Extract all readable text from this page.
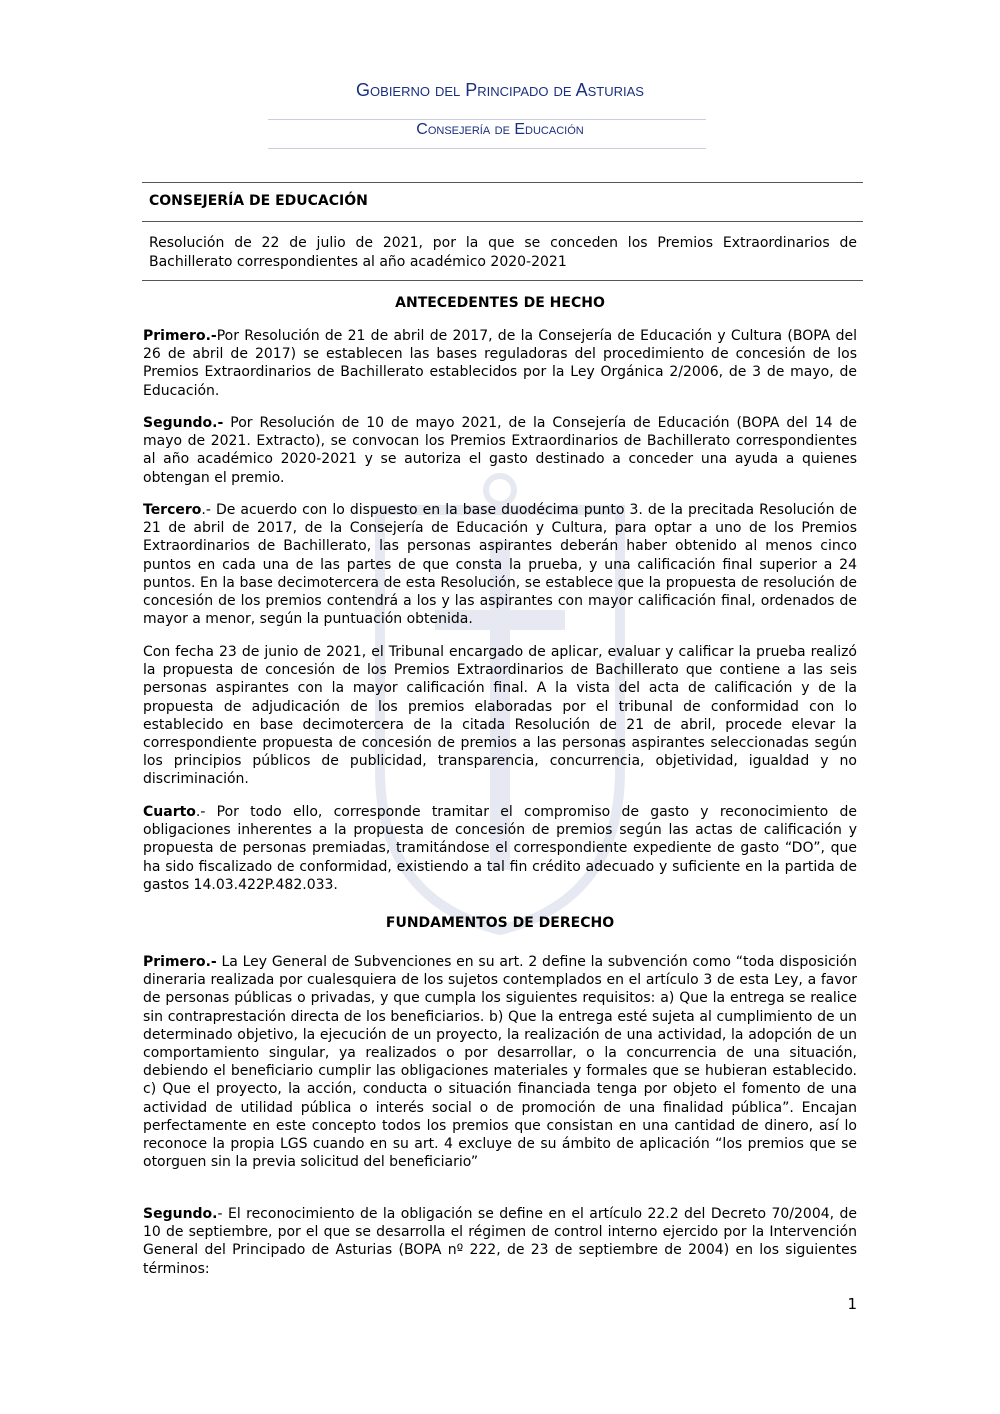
Gobierno del Principado de Asturias
Consejería de Educación
CONSEJERÍA DE EDUCACIÓN
Resolución de 22 de julio de 2021, por la que se conceden los Premios Extraordinarios de Bachillerato correspondientes al año académico 2020-2021
ANTECEDENTES DE HECHO

Primero.-Por Resolución de 21 de abril de 2017, de la Consejería de Educación y Cultura (BOPA del 26 de abril de 2017) se establecen las bases reguladoras del procedimiento de concesión de los Premios Extraordinarios de Bachillerato establecidos por la Ley Orgánica 2/2006, de 3 de mayo, de Educación.

Segundo.- Por Resolución de 10 de mayo 2021, de la Consejería de Educación (BOPA del 14 de mayo de 2021. Extracto), se convocan los Premios Extraordinarios de Bachillerato correspondientes al año académico 2020-2021 y se autoriza el gasto destinado a conceder una ayuda a quienes obtengan el premio.

Tercero.- De acuerdo con lo dispuesto en la base duodécima punto 3. de la precitada Resolución de 21 de abril de 2017, de la Consejería de Educación y Cultura, para optar a uno de los Premios Extraordinarios de Bachillerato, las personas aspirantes deberán haber obtenido al menos cinco puntos en cada una de las partes de que consta la prueba, y una calificación final superior a 24 puntos. En la base decimotercera de esta Resolución, se establece que la propuesta de resolución de concesión de los premios contendrá a los y las aspirantes con mayor calificación final, ordenados de mayor a menor, según la puntuación obtenida.

Con fecha 23 de junio de 2021, el Tribunal encargado de aplicar, evaluar y calificar la prueba realizó la propuesta de concesión de los Premios Extraordinarios de Bachillerato que contiene a las seis personas aspirantes con la mayor calificación final. A la vista del acta de calificación y de la propuesta de adjudicación de los premios elaboradas por el tribunal de conformidad con lo establecido en base decimotercera de la citada Resolución de 21 de abril, procede elevar la correspondiente propuesta de concesión de premios a las personas aspirantes seleccionadas según los principios públicos de publicidad, transparencia, concurrencia, objetividad, igualdad y no discriminación.

Cuarto.- Por todo ello, corresponde tramitar el compromiso de gasto y reconocimiento de obligaciones inherentes a la propuesta de concesión de premios según las actas de calificación y propuesta de personas premiadas, tramitándose el correspondiente expediente de gasto “DO”, que ha sido fiscalizado de conformidad, existiendo a tal fin crédito adecuado y suficiente en la partida de gastos 14.03.422P.482.033.

FUNDAMENTOS DE DERECHO

Primero.- La Ley General de Subvenciones en su art. 2 define la subvención como “toda disposición dineraria realizada por cualesquiera de los sujetos contemplados en el artículo 3 de esta Ley, a favor de personas públicas o privadas, y que cumpla los siguientes requisitos: a) Que la entrega se realice sin contraprestación directa de los beneficiarios. b) Que la entrega esté sujeta al cumplimiento de un determinado objetivo, la ejecución de un proyecto, la realización de una actividad, la adopción de un comportamiento singular, ya realizados o por desarrollar, o la concurrencia de una situación, debiendo el beneficiario cumplir las obligaciones materiales y formales que se hubieran establecido. c) Que el proyecto, la acción, conducta o situación financiada tenga por objeto el fomento de una actividad de utilidad pública o interés social o de promoción de una finalidad pública”. Encajan perfectamente en este concepto todos los premios que consistan en una cantidad de dinero, así lo reconoce la propia LGS cuando en su art. 4 excluye de su ámbito de aplicación “los premios que se otorguen sin la previa solicitud del beneficiario”

Segundo.- El reconocimiento de la obligación se define en el artículo 22.2 del Decreto 70/2004, de 10 de septiembre, por el que se desarrolla el régimen de control interno ejercido por la Intervención General del Principado de Asturias (BOPA nº 222, de 23 de septiembre de 2004) en los siguientes términos:

1
